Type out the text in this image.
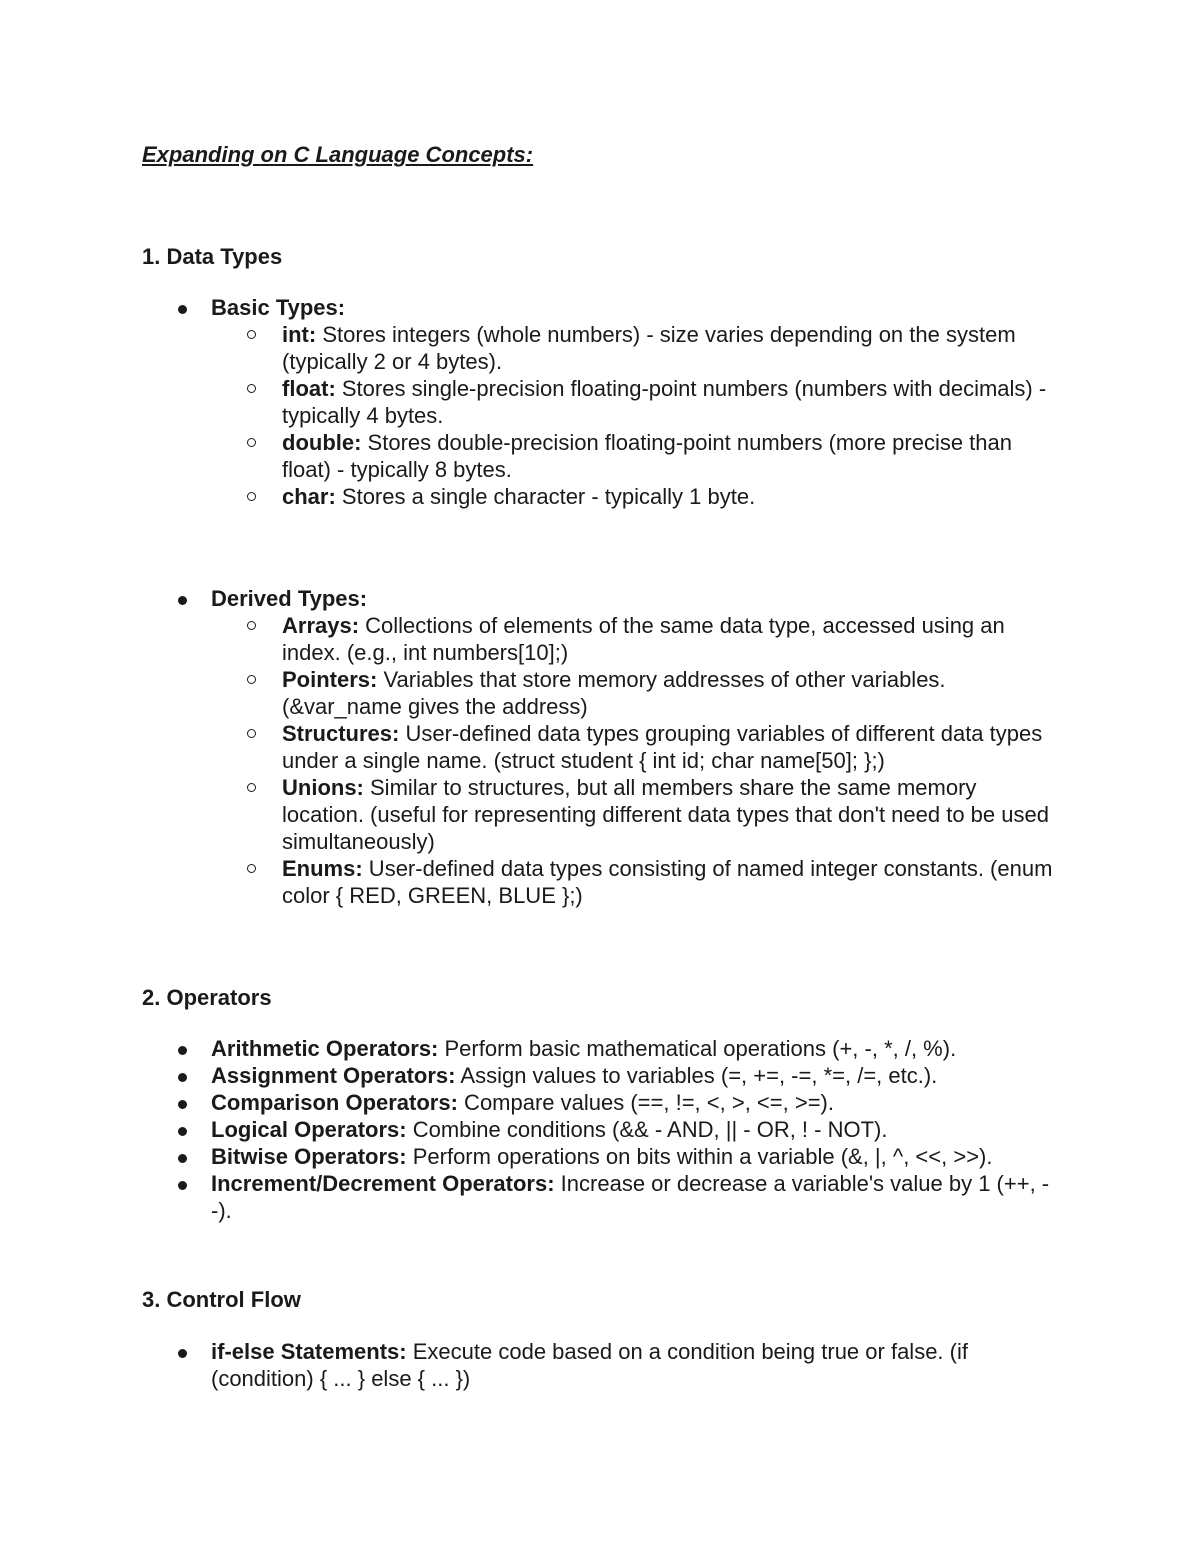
Expanding on C Language Concepts:
1. Data Types
Basic Types:
int: Stores integers (whole numbers) - size varies depending on the system (typically 2 or 4 bytes).
float: Stores single-precision floating-point numbers (numbers with decimals) - typically 4 bytes.
double: Stores double-precision floating-point numbers (more precise than float) - typically 8 bytes.
char: Stores a single character - typically 1 byte.
Derived Types:
Arrays: Collections of elements of the same data type, accessed using an index. (e.g., int numbers[10];)
Pointers: Variables that store memory addresses of other variables. (&var_name gives the address)
Structures: User-defined data types grouping variables of different data types under a single name. (struct student { int id; char name[50]; };)
Unions: Similar to structures, but all members share the same memory location. (useful for representing different data types that don't need to be used simultaneously)
Enums: User-defined data types consisting of named integer constants. (enum color { RED, GREEN, BLUE };)
2. Operators
Arithmetic Operators: Perform basic mathematical operations (+, -, *, /, %).
Assignment Operators: Assign values to variables (=, +=, -=, *=, /=, etc.).
Comparison Operators: Compare values (==, !=, <, >, <=, >=).
Logical Operators: Combine conditions (&& - AND, || - OR, ! - NOT).
Bitwise Operators: Perform operations on bits within a variable (&, |, ^, <<, >>).
Increment/Decrement Operators: Increase or decrease a variable's value by 1 (++, --).
3. Control Flow
if-else Statements: Execute code based on a condition being true or false. (if (condition) { ... } else { ... })
